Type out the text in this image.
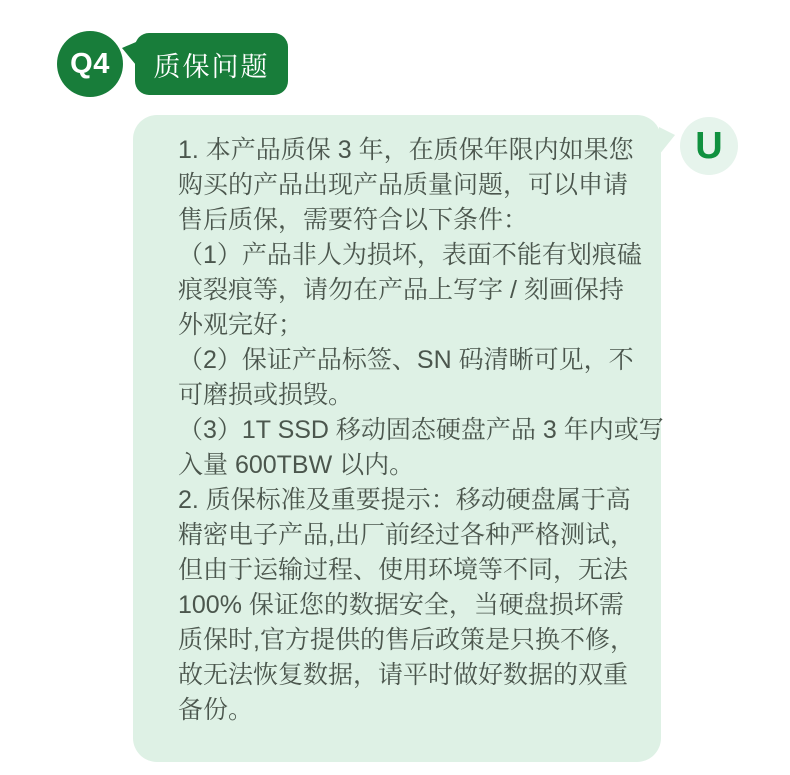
Q4 质保问题
1. 本产品质保 3 年，在质保年限内如果您
购买的产品出现产品质量问题，可以申请
售后质保，需要符合以下条件：
（1）产品非人为损坏，表面不能有划痕磕
痕裂痕等，请勿在产品上写字 / 刻画保持
外观完好；
（2）保证产品标签、SN 码清晰可见，不
可磨损或损毁。
（3）1T SSD 移动固态硬盘产品 3 年内或写
入量 600TBW 以内。
2. 质保标准及重要提示：移动硬盘属于高
精密电子产品,出厂前经过各种严格测试，
但由于运输过程、使用环境等不同，无法
100% 保证您的数据安全，当硬盘损坏需
质保时,官方提供的售后政策是只换不修，
故无法恢复数据，请平时做好数据的双重
备份。
U
